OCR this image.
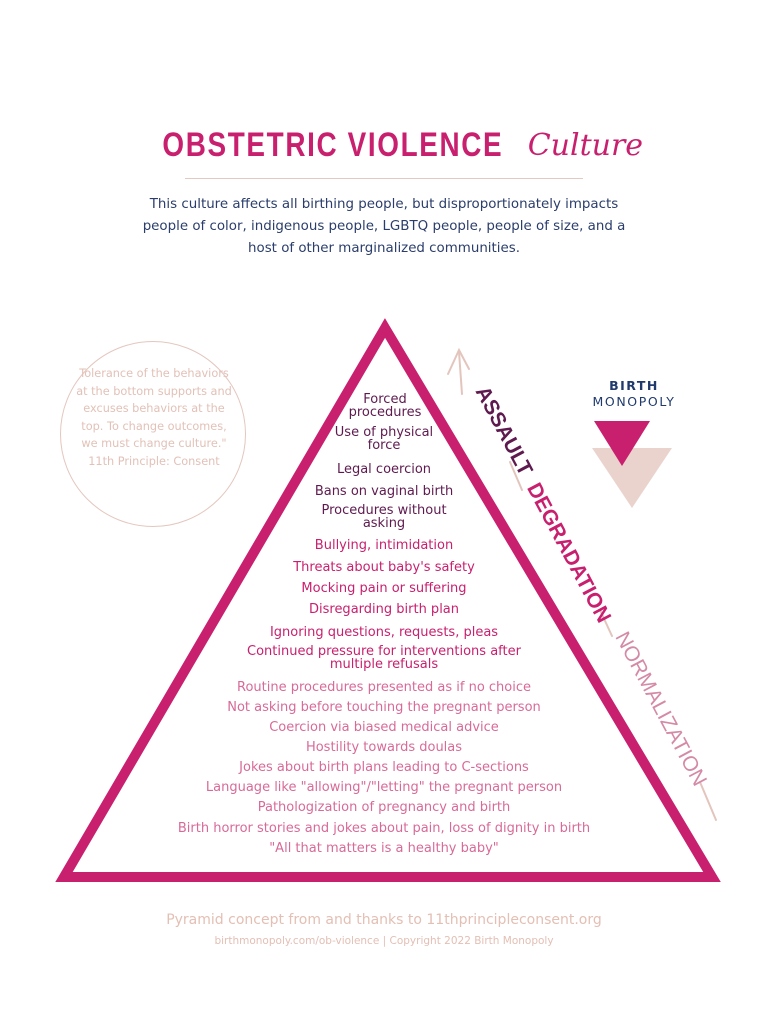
OBSTETRIC VIOLENCE Culture
This culture affects all birthing people, but disproportionately impacts people of color, indigenous people, LGBTQ people, people of size, and a host of other marginalized communities.
Tolerance of the behaviors at the bottom supports and excuses behaviors at the top. To change outcomes, we must change culture." 11th Principle: Consent
BIRTH
MONOPOLY
ASSAULT
DEGRADATION
NORMALIZATION
Forced procedures
Use of physical force
Legal coercion
Bans on vaginal birth
Procedures without asking
Bullying, intimidation
Threats about baby's safety
Mocking pain or suffering
Disregarding birth plan
Ignoring questions, requests, pleas
Continued pressure for interventions after multiple refusals
Routine procedures presented as if no choice
Not asking before touching the pregnant person
Coercion via biased medical advice
Hostility towards doulas
Jokes about birth plans leading to C-sections
Language like "allowing"/"letting" the pregnant person
Pathologization of pregnancy and birth
Birth horror stories and jokes about pain, loss of dignity in birth
"All that matters is a healthy baby"
Pyramid concept from and thanks to 11thprincipleconsent.org
birthmonopoly.com/ob-violence | Copyright 2022 Birth Monopoly
